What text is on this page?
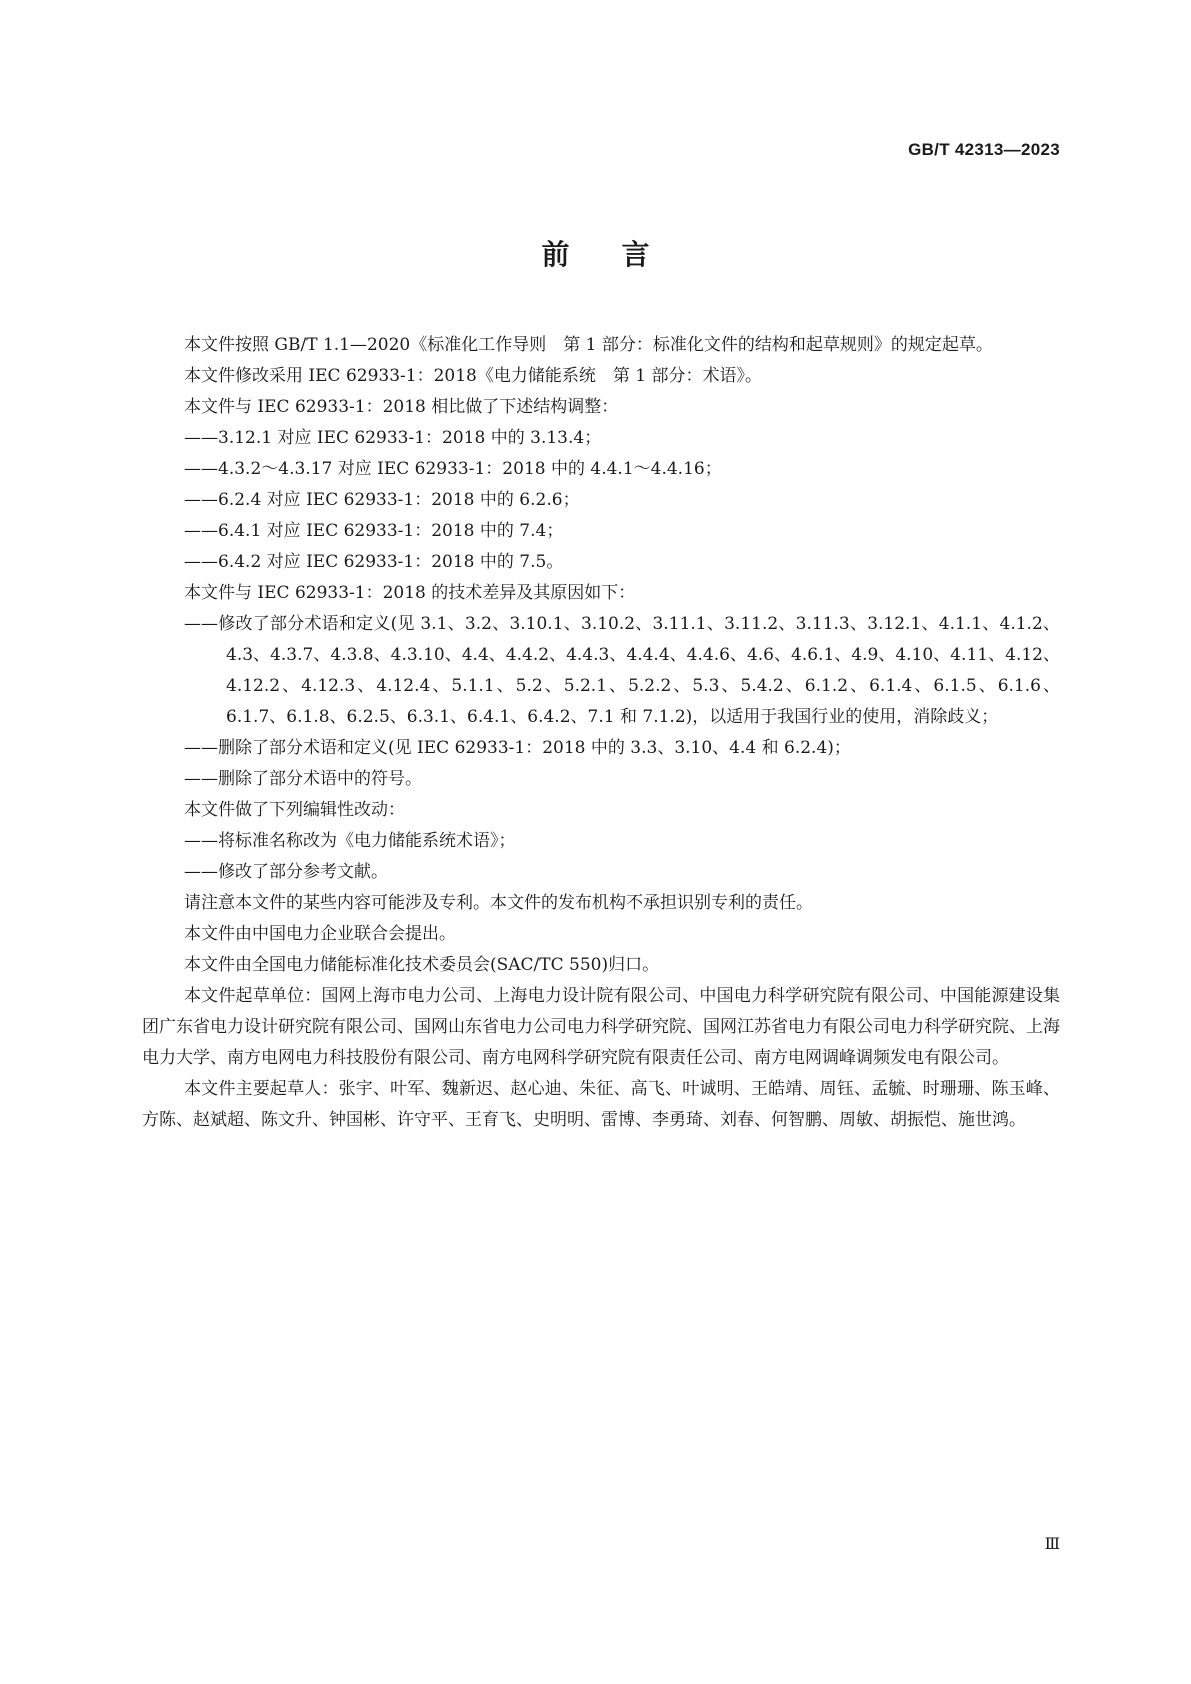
GB/T 42313—2023
前言

本文件按照 GB/T 1.1—2020《标准化工作导则　第 1 部分：标准化文件的结构和起草规则》的规定起草。

本文件修改采用 IEC 62933-1：2018《电力储能系统　第 1 部分：术语》。

本文件与 IEC 62933-1：2018 相比做了下述结构调整：

——3.12.1 对应 IEC 62933-1：2018 中的 3.13.4；

——4.3.2～4.3.17 对应 IEC 62933-1：2018 中的 4.4.1～4.4.16；

——6.2.4 对应 IEC 62933-1：2018 中的 6.2.6；

——6.4.1 对应 IEC 62933-1：2018 中的 7.4；

——6.4.2 对应 IEC 62933-1：2018 中的 7.5。

本文件与 IEC 62933-1：2018 的技术差异及其原因如下：

——修改了部分术语和定义(见 3.1、3.2、3.10.1、3.10.2、3.11.1、3.11.2、3.11.3、3.12.1、4.1.1、4.1.2、4.3、4.3.7、4.3.8、4.3.10、4.4、4.4.2、4.4.3、4.4.4、4.4.6、4.6、4.6.1、4.9、4.10、4.11、4.12、4.12.2、4.12.3、4.12.4、5.1.1、5.2、5.2.1、5.2.2、5.3、5.4.2、6.1.2、6.1.4、6.1.5、6.1.6、6.1.7、6.1.8、6.2.5、6.3.1、6.4.1、6.4.2、7.1 和 7.1.2)，以适用于我国行业的使用，消除歧义；

——删除了部分术语和定义(见 IEC 62933-1：2018 中的 3.3、3.10、4.4 和 6.2.4)；

——删除了部分术语中的符号。

本文件做了下列编辑性改动：

——将标准名称改为《电力储能系统术语》；

——修改了部分参考文献。

请注意本文件的某些内容可能涉及专利。本文件的发布机构不承担识别专利的责任。

本文件由中国电力企业联合会提出。

本文件由全国电力储能标准化技术委员会(SAC/TC 550)归口。

本文件起草单位：国网上海市电力公司、上海电力设计院有限公司、中国电力科学研究院有限公司、中国能源建设集团广东省电力设计研究院有限公司、国网山东省电力公司电力科学研究院、国网江苏省电力有限公司电力科学研究院、上海电力大学、南方电网电力科技股份有限公司、南方电网科学研究院有限责任公司、南方电网调峰调频发电有限公司。

本文件主要起草人：张宇、叶军、魏新迟、赵心迪、朱征、高飞、叶诚明、王皓靖、周钰、孟毓、时珊珊、陈玉峰、方陈、赵斌超、陈文升、钟国彬、许守平、王育飞、史明明、雷博、李勇琦、刘春、何智鹏、周敏、胡振恺、施世鸿。

Ⅲ
